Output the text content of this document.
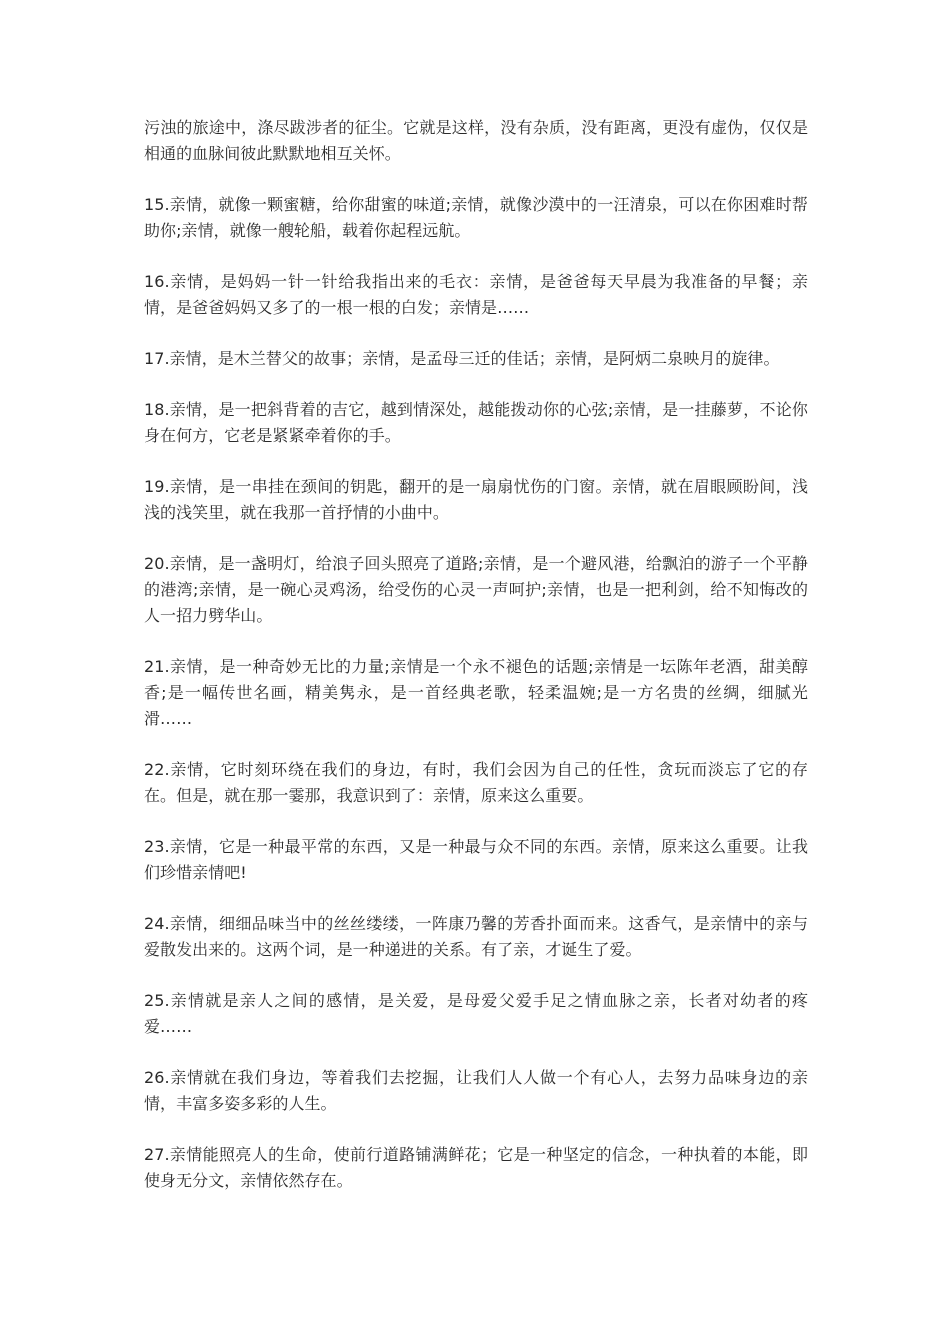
污浊的旅途中，涤尽跋涉者的征尘。它就是这样，没有杂质，没有距离，更没有虚伪，仅仅是相通的血脉间彼此默默地相互关怀。

15.亲情，就像一颗蜜糖，给你甜蜜的味道;亲情，就像沙漠中的一汪清泉，可以在你困难时帮助你;亲情，就像一艘轮船，载着你起程远航。

16.亲情，是妈妈一针一针给我指出来的毛衣：亲情，是爸爸每天早晨为我准备的早餐；亲情，是爸爸妈妈又多了的一根一根的白发；亲情是……

17.亲情，是木兰替父的故事；亲情，是孟母三迁的佳话；亲情，是阿炳二泉映月的旋律。

18.亲情，是一把斜背着的吉它，越到情深处，越能拨动你的心弦;亲情，是一挂藤萝，不论你身在何方，它老是紧紧牵着你的手。

19.亲情，是一串挂在颈间的钥匙，翻开的是一扇扇忧伤的门窗。亲情，就在眉眼顾盼间，浅浅的浅笑里，就在我那一首抒情的小曲中。

20.亲情，是一盏明灯，给浪子回头照亮了道路;亲情，是一个避风港，给飘泊的游子一个平静的港湾;亲情，是一碗心灵鸡汤，给受伤的心灵一声呵护;亲情，也是一把利剑，给不知悔改的人一招力劈华山。

21.亲情，是一种奇妙无比的力量;亲情是一个永不褪色的话题;亲情是一坛陈年老酒，甜美醇香;是一幅传世名画，精美隽永，是一首经典老歌，轻柔温婉;是一方名贵的丝绸，细腻光滑……

22.亲情，它时刻环绕在我们的身边，有时，我们会因为自己的任性，贪玩而淡忘了它的存在。但是，就在那一霎那，我意识到了：亲情，原来这么重要。

23.亲情，它是一种最平常的东西，又是一种最与众不同的东西。亲情，原来这么重要。让我们珍惜亲情吧!

24.亲情，细细品味当中的丝丝缕缕，一阵康乃馨的芳香扑面而来。这香气，是亲情中的亲与爱散发出来的。这两个词，是一种递进的关系。有了亲，才诞生了爱。

25.亲情就是亲人之间的感情，是关爱，是母爱父爱手足之情血脉之亲，长者对幼者的疼爱……

26.亲情就在我们身边，等着我们去挖掘，让我们人人做一个有心人，去努力品味身边的亲情，丰富多姿多彩的人生。

27.亲情能照亮人的生命，使前行道路铺满鲜花；它是一种坚定的信念，一种执着的本能，即使身无分文，亲情依然存在。
